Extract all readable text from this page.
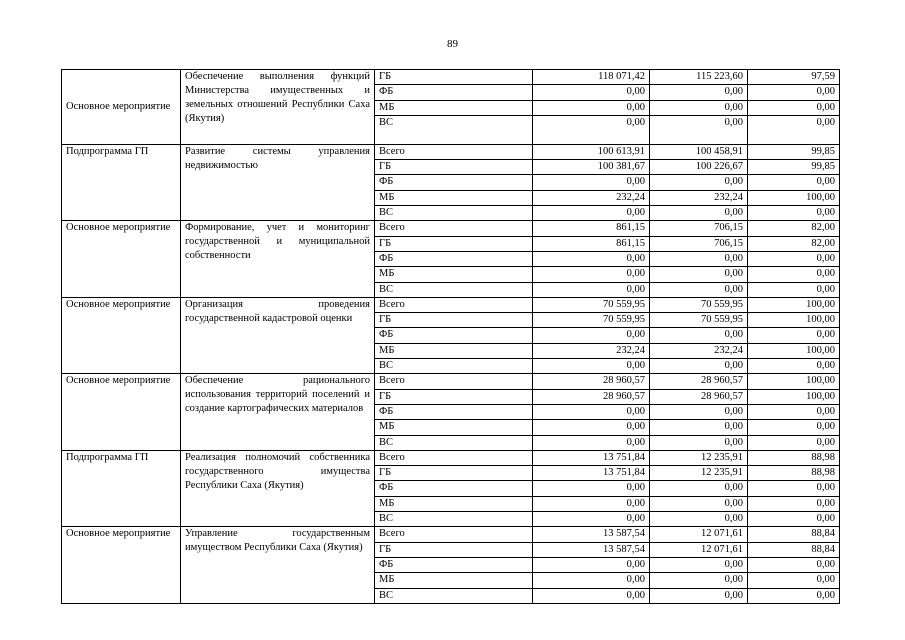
89
Основное мероприятие	Обеспечение выполнения функций Министерства имущественных и земельных отношений Республики Саха (Якутия)	ГБ	118 071,42	115 223,60	97,59
		ФБ	0,00	0,00	0,00
		МБ	0,00	0,00	0,00
		ВС	0,00	0,00	0,00
Подпрограмма ГП	Развитие системы управления недвижимостью	Всего	100 613,91	100 458,91	99,85
		ГБ	100 381,67	100 226,67	99,85
		ФБ	0,00	0,00	0,00
		МБ	232,24	232,24	100,00
		ВС	0,00	0,00	0,00
Основное мероприятие	Формирование, учет и мониторинг государственной и муниципальной собственности	Всего	861,15	706,15	82,00
		ГБ	861,15	706,15	82,00
		ФБ	0,00	0,00	0,00
		МБ	0,00	0,00	0,00
		ВС	0,00	0,00	0,00
Основное мероприятие	Организация проведения государственной кадастровой оценки	Всего	70 559,95	70 559,95	100,00
		ГБ	70 559,95	70 559,95	100,00
		ФБ	0,00	0,00	0,00
		МБ	232,24	232,24	100,00
		ВС	0,00	0,00	0,00
Основное мероприятие	Обеспечение рационального использования территорий поселений и создание картографических материалов	Всего	28 960,57	28 960,57	100,00
		ГБ	28 960,57	28 960,57	100,00
		ФБ	0,00	0,00	0,00
		МБ	0,00	0,00	0,00
		ВС	0,00	0,00	0,00
Подпрограмма ГП	Реализация полномочий собственника государственного имущества Республики Саха (Якутия)	Всего	13 751,84	12 235,91	88,98
		ГБ	13 751,84	12 235,91	88,98
		ФБ	0,00	0,00	0,00
		МБ	0,00	0,00	0,00
		ВС	0,00	0,00	0,00
Основное мероприятие	Управление государственным имуществом Республики Саха (Якутия)	Всего	13 587,54	12 071,61	88,84
		ГБ	13 587,54	12 071,61	88,84
		ФБ	0,00	0,00	0,00
		МБ	0,00	0,00	0,00
		ВС	0,00	0,00	0,00
